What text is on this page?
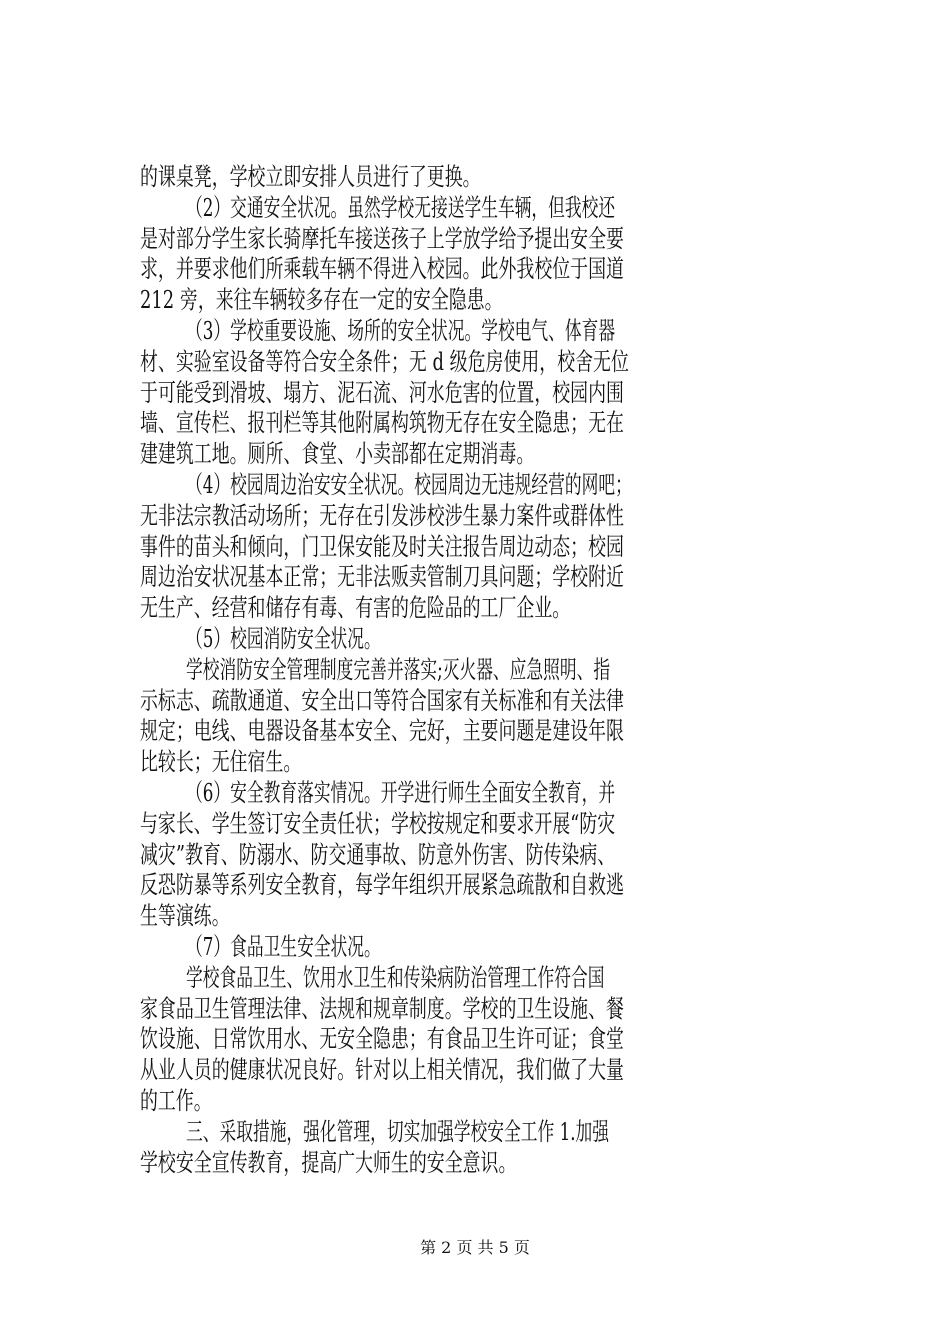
的课桌凳，学校立即安排人员进行了更换。
（2）交通安全状况。虽然学校无接送学生车辆，但我校还
是对部分学生家长骑摩托车接送孩子上学放学给予提出安全要
求，并要求他们所乘载车辆不得进入校园。此外我校位于国道
212 旁，来往车辆较多存在一定的安全隐患。
（3）学校重要设施、场所的安全状况。学校电气、体育器
材、实验室设备等符合安全条件；无 d 级危房使用，校舍无位
于可能受到滑坡、塌方、泥石流、河水危害的位置，校园内围
墙、宣传栏、报刊栏等其他附属构筑物无存在安全隐患；无在
建建筑工地。厕所、食堂、小卖部都在定期消毒。
（4）校园周边治安安全状况。校园周边无违规经营的网吧；
无非法宗教活动场所；无存在引发涉校涉生暴力案件或群体性
事件的苗头和倾向，门卫保安能及时关注报告周边动态；校园
周边治安状况基本正常；无非法贩卖管制刀具问题；学校附近
无生产、经营和储存有毒、有害的危险品的工厂企业。
（5）校园消防安全状况。
学校消防安全管理制度完善并落实;灭火器、应急照明、指
示标志、疏散通道、安全出口等符合国家有关标准和有关法律
规定；电线、电器设备基本安全、完好，主要问题是建设年限
比较长；无住宿生。
（6）安全教育落实情况。开学进行师生全面安全教育，并
与家长、学生签订安全责任状；学校按规定和要求开展“防灾
减灾”教育、防溺水、防交通事故、防意外伤害、防传染病、
反恐防暴等系列安全教育，每学年组织开展紧急疏散和自救逃
生等演练。
（7）食品卫生安全状况。
学校食品卫生、饮用水卫生和传染病防治管理工作符合国
家食品卫生管理法律、法规和规章制度。学校的卫生设施、餐
饮设施、日常饮用水、无安全隐患；有食品卫生许可证；食堂
从业人员的健康状况良好。针对以上相关情况，我们做了大量
的工作。
三、采取措施，强化管理，切实加强学校安全工作 1.加强
学校安全宣传教育，提高广大师生的安全意识。
第 2 页 共 5 页
